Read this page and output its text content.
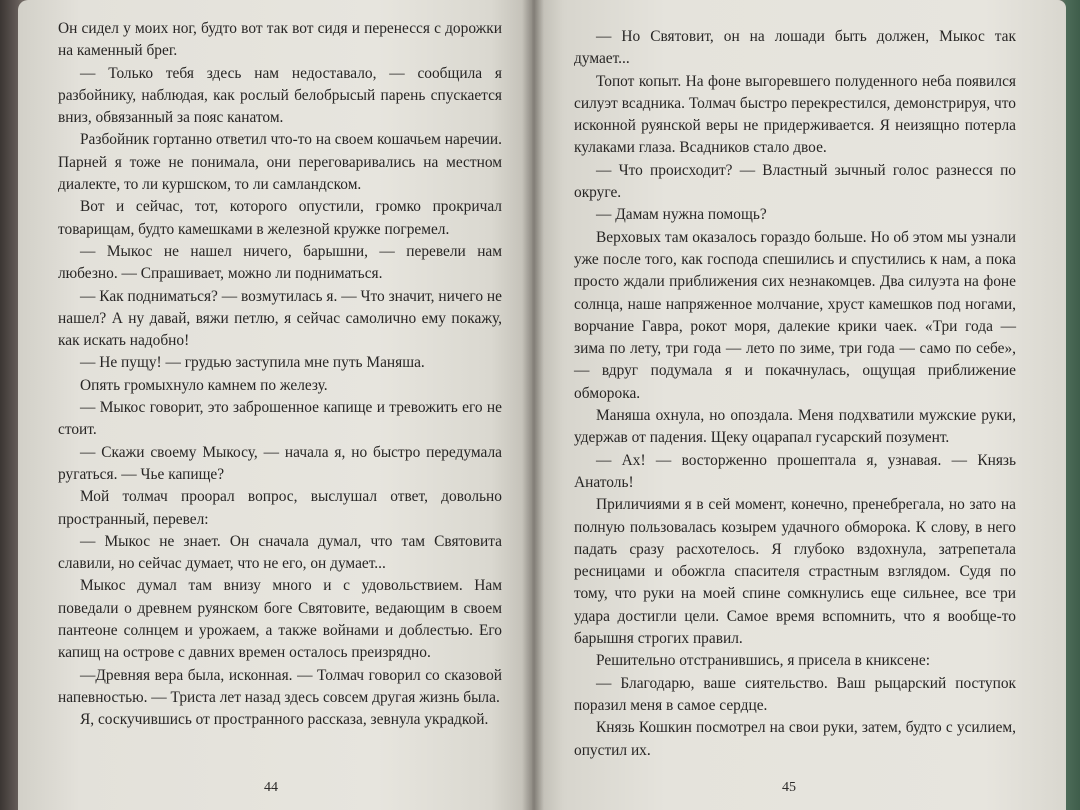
Он сидел у моих ног, будто вот так вот сидя и перенесся с дорожки на каменный брег.

— Только тебя здесь нам недоставало, — сообщила я разбойнику, наблюдая, как рослый белобрысый парень спускается вниз, обвязанный за пояс канатом.

Разбойник гортанно ответил что-то на своем кошачьем наречии. Парней я тоже не понимала, они переговаривались на местном диалекте, то ли куршском, то ли самландском.

Вот и сейчас, тот, которого опустили, громко прокричал товарищам, будто камешками в железной кружке погремел.

— Мыкос не нашел ничего, барышни, — перевели нам любезно. — Спрашивает, можно ли подниматься.

— Как подниматься? — возмутилась я. — Что значит, ничего не нашел? А ну давай, вяжи петлю, я сейчас самолично ему покажу, как искать надобно!

— Не пущу! — грудью заступила мне путь Маняша.

Опять громыхнуло камнем по железу.

— Мыкос говорит, это заброшенное капище и тревожить его не стоит.

— Скажи своему Мыкосу, — начала я, но быстро передумала ругаться. — Чье капище?

Мой толмач проорал вопрос, выслушал ответ, довольно пространный, перевел:

— Мыкос не знает. Он сначала думал, что там Святовита славили, но сейчас думает, что не его, он думает...

Мыкос думал там внизу много и с удовольствием. Нам поведали о древнем руянском боге Святовите, ведающим в своем пантеоне солнцем и урожаем, а также войнами и доблестью. Его капищ на острове с давних времен осталось преизрядно.

—Древняя вера была, исконная. — Толмач говорил со сказовой напевностью. — Триста лет назад здесь совсем другая жизнь была.

Я, соскучившись от пространного рассказа, зевнула украдкой.

44

— Но Святовит, он на лошади быть должен, Мыкос так думает...

Топот копыт. На фоне выгоревшего полуденного неба появился силуэт всадника. Толмач быстро перекрестился, демонстрируя, что исконной руянской веры не придерживается. Я неизящно потерла кулаками глаза. Всадников стало двое.

— Что происходит? — Властный зычный голос разнесся по округе.

— Дамам нужна помощь?

Верховых там оказалось гораздо больше. Но об этом мы узнали уже после того, как господа спешились и спустились к нам, а пока просто ждали приближения сих незнакомцев. Два силуэта на фоне солнца, наше напряженное молчание, хруст камешков под ногами, ворчание Гавра, рокот моря, далекие крики чаек. «Три года — зима по лету, три года — лето по зиме, три года — само по себе», — вдруг подумала я и покачнулась, ощущая приближение обморока.

Маняша охнула, но опоздала. Меня подхватили мужские руки, удержав от падения. Щеку оцарапал гусарский позумент.

— Ах! — восторженно прошептала я, узнавая. — Князь Анатоль!

Приличиями я в сей момент, конечно, пренебрегала, но зато на полную пользовалась козырем удачного обморока. К слову, в него падать сразу расхотелось. Я глубоко вздохнула, затрепетала ресницами и обожгла спасителя страстным взглядом. Судя по тому, что руки на моей спине сомкнулись еще сильнее, все три удара достигли цели. Самое время вспомнить, что я вообще-то барышня строгих правил.

Решительно отстранившись, я присела в книксене:

— Благодарю, ваше сиятельство. Ваш рыцарский поступок поразил меня в самое сердце.

Князь Кошкин посмотрел на свои руки, затем, будто с усилием, опустил их.

45
